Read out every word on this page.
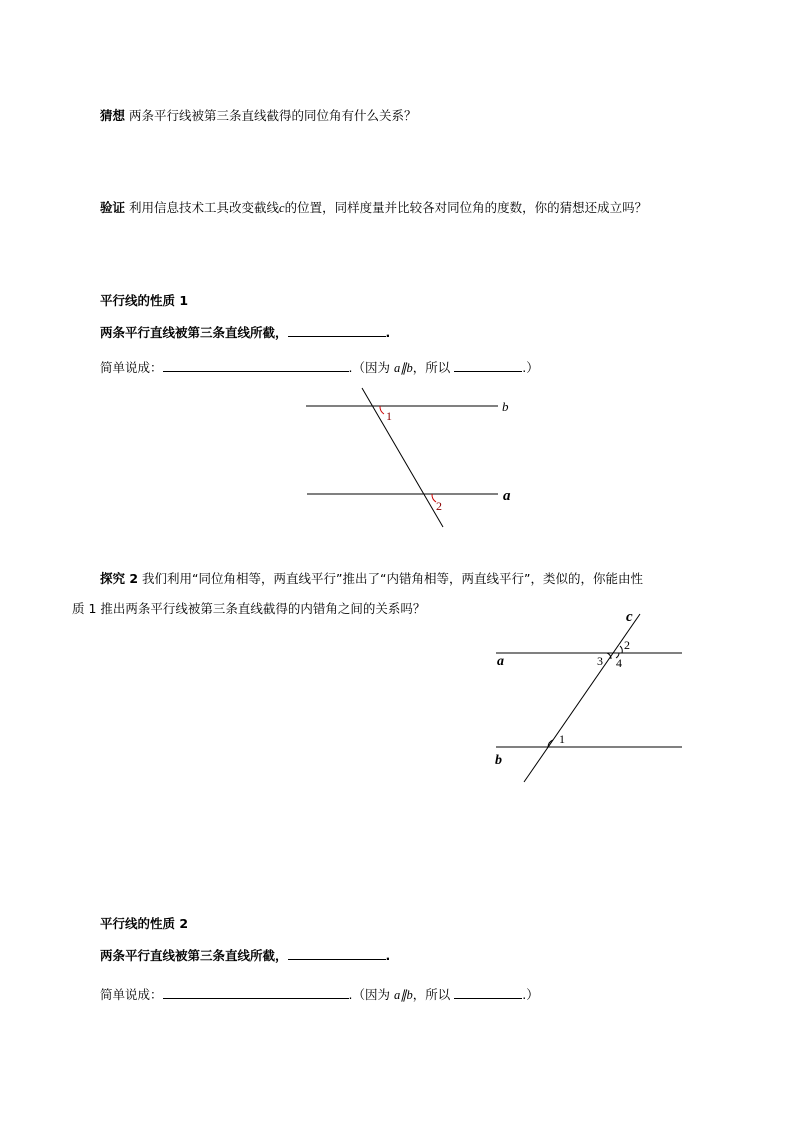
猜想 两条平行线被第三条直线截得的同位角有什么关系？
验证 利用信息技术工具改变截线c的位置，同样度量并比较各对同位角的度数，你的猜想还成立吗？
平行线的性质 1
两条平行直线被第三条直线所截，	.
简单说成：	.（因为 a∥b，所以	.）
b
a
1
2
c
a
b
2
3 4
1
探究 2 我们利用“同位角相等，两直线平行”推出了“内错角相等，两直线平行”，类似的，你能由性
质 1 推出两条平行线被第三条直线截得的内错角之间的关系吗？
平行线的性质 2
两条平行直线被第三条直线所截，	.
简单说成：	.（因为 a∥b，所以	.）
